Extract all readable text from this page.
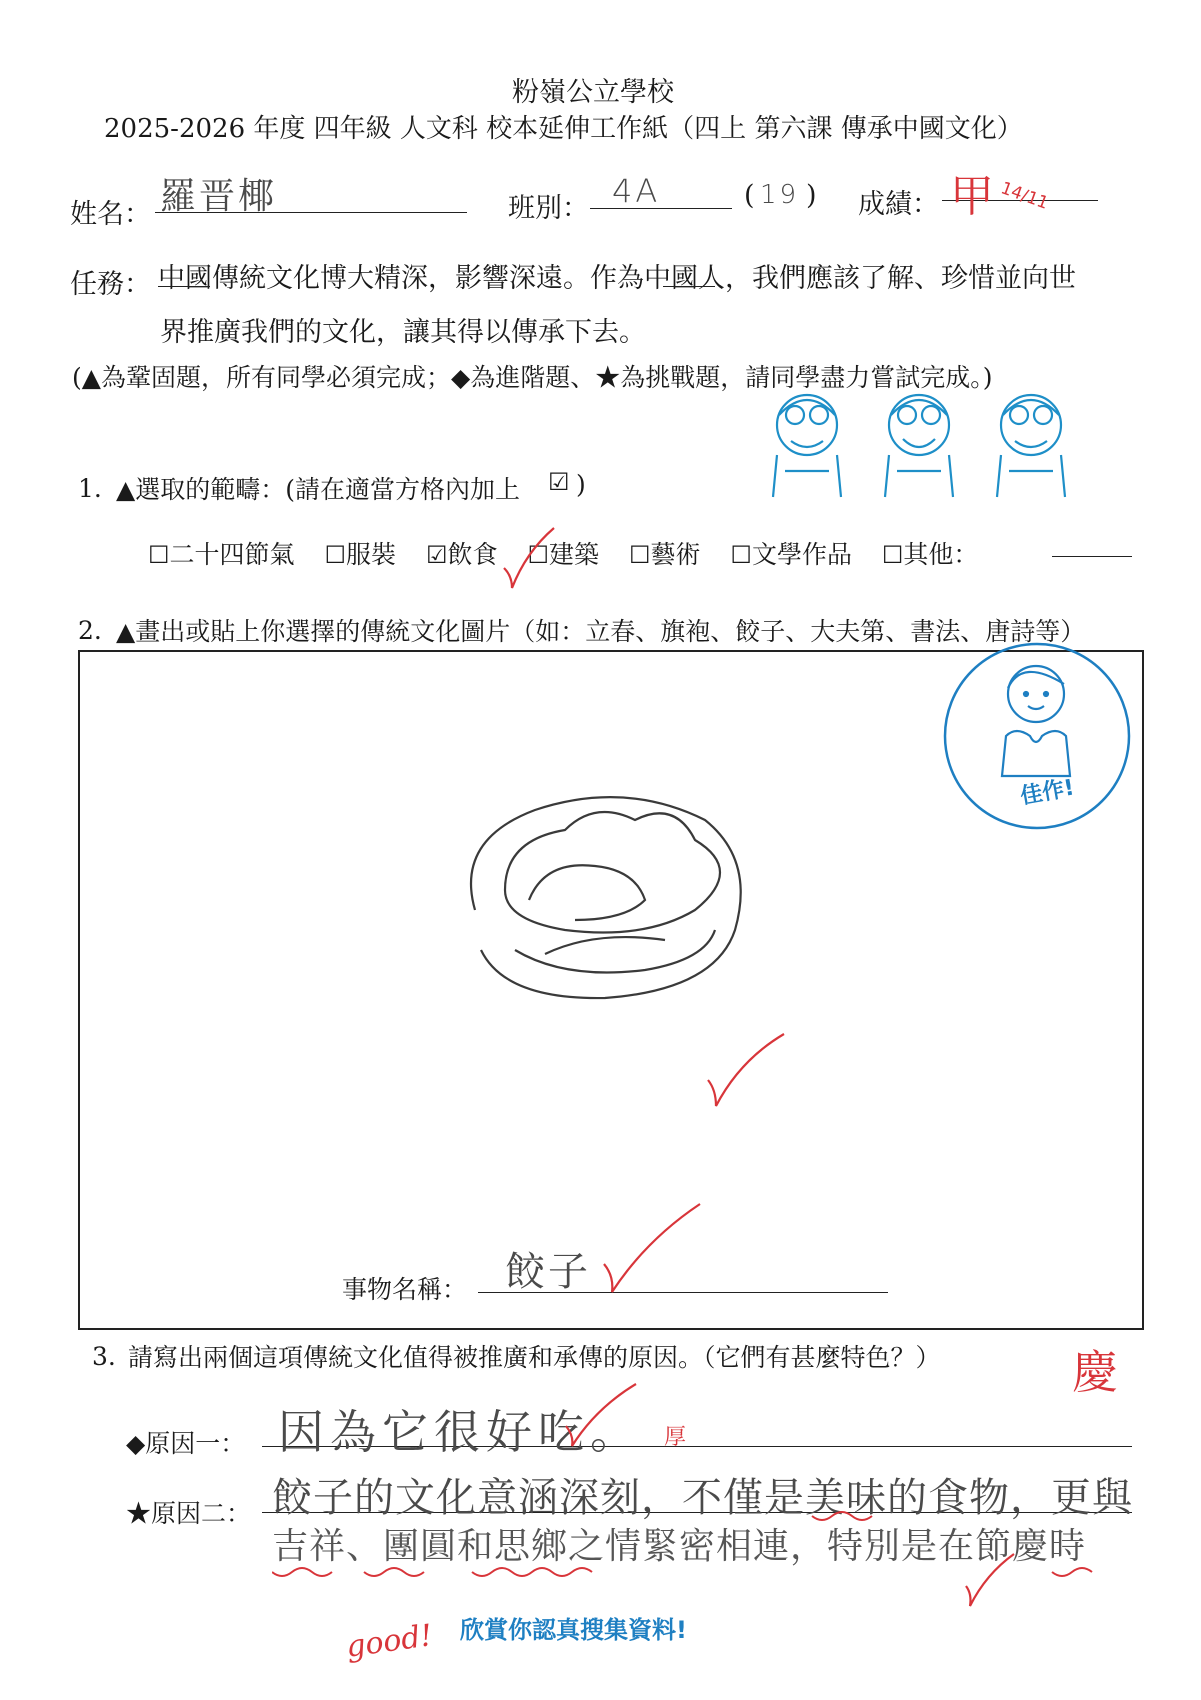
粉嶺公立學校
2025-2026 年度 四年級 人文科 校本延伸工作紙（四上 第六課 傳承中國文化）
姓名： 羅晋椰	班別： 4A	( 19 ) 成績： 甲 14/11
任務： 中國傳統文化博大精深，影響深遠。作為中國人，我們應該了解、珍惜並向世
界推廣我們的文化，讓其得以傳承下去。
(▲為鞏固題，所有同學必須完成；◆為進階題、★為挑戰題，請同學盡力嘗試完成。)
1. ▲選取的範疇：(請在適當方格內加上 ☑ )
☐二十四節氣 ☐服裝 ☑飲食 ☐建築 ☐藝術 ☐文學作品 ☐其他：
2. ▲畫出或貼上你選擇的傳統文化圖片（如：立春、旗袍、餃子、大夫第、書法、唐詩等）
佳作!
事物名稱： 餃子
3. 請寫出兩個這項傳統文化值得被推廣和承傳的原因。（它們有甚麼特色？）	慶
◆原因一： 因為它很好吃。 厚
★原因二： 餃子的文化意涵深刻，不僅是美味的食物，更與
吉祥、團圓和思鄉之情緊密相連，特別是在節慶時
good! 欣賞你認真搜集資料!
